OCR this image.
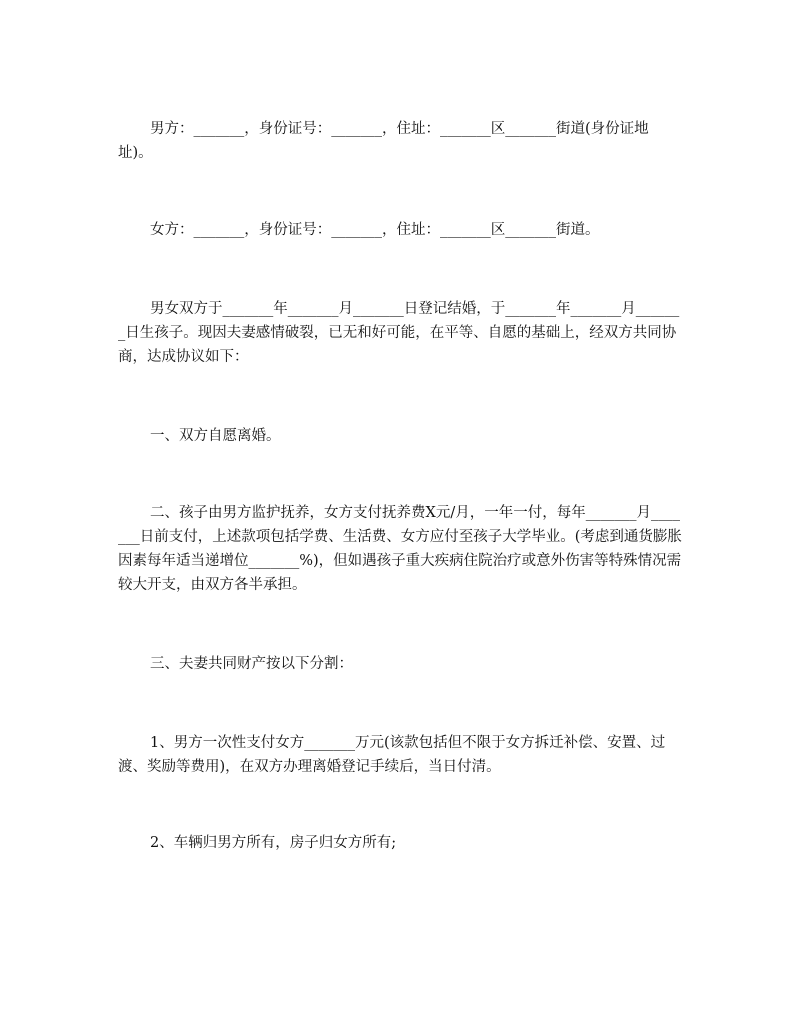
男方：_______，身份证号：_______，住址：_______区_______街道(身份证地址)。

女方：_______，身份证号：_______，住址：_______区_______街道。

男女双方于_______年_______月_______日登记结婚，于_______年_______月_______日生孩子。现因夫妻感情破裂，已无和好可能，在平等、自愿的基础上，经双方共同协商，达成协议如下：

一、双方自愿离婚。

二、孩子由男方监护抚养，女方支付抚养费X元/月，一年一付，每年_______月_______日前支付，上述款项包括学费、生活费、女方应付至孩子大学毕业。(考虑到通货膨胀因素每年适当递增位_______%)，但如遇孩子重大疾病住院治疗或意外伤害等特殊情况需较大开支，由双方各半承担。

三、夫妻共同财产按以下分割：

1、男方一次性支付女方_______万元(该款包括但不限于女方拆迁补偿、安置、过渡、奖励等费用)，在双方办理离婚登记手续后，当日付清。

2、车辆归男方所有，房子归女方所有;
